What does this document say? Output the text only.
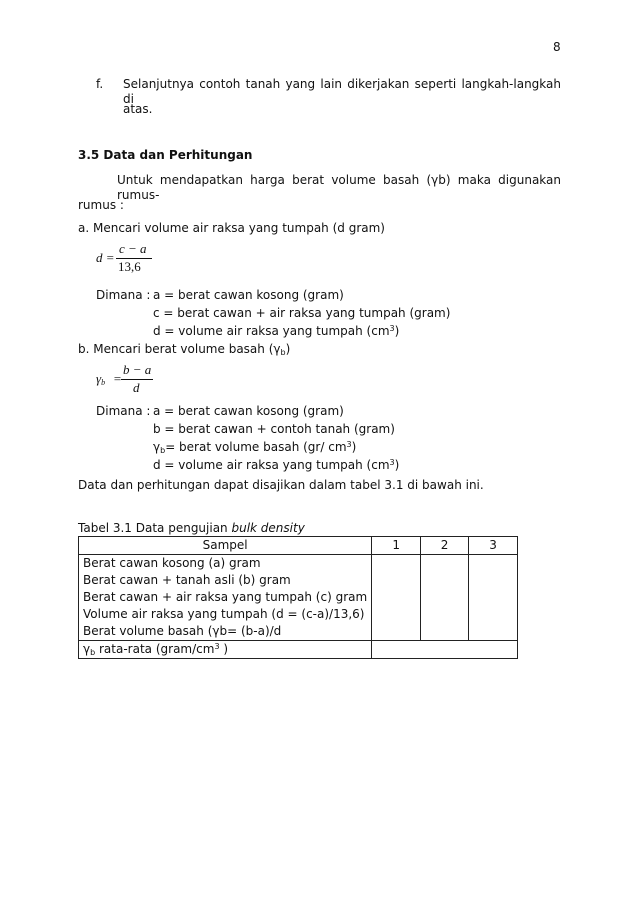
8
f. Selanjutnya contoh tanah yang lain dikerjakan seperti langkah-langkah di
atas.
3.5 Data dan Perhitungan
Untuk mendapatkan harga berat volume basah (γb) maka digunakan rumus-
rumus :
a. Mencari volume air raksa yang tumpah (d gram)
d =
c − a
13,6
Dimana : a = berat cawan kosong (gram)
c = berat cawan + air raksa yang tumpah (gram)
d = volume air raksa yang tumpah $(cm^3)$
b. Mencari berat volume basah $(\gamma_b)$
$\gamma_b$ =
b − a
d
Dimana : a = berat cawan kosong (gram)
b = berat cawan + contoh tanah (gram)
$\gamma_b=$ berat volume basah (gr/ $cm^3$)
d = volume air raksa yang tumpah $(cm^3)$
Data dan perhitungan dapat disajikan dalam tabel 3.1 di bawah ini.
Tabel 3.1 Data pengujian bulk density
Sampel	1	2	3

Berat cawan kosong (a) gram
Berat cawan + tanah asli (b) gram
Berat cawan + air raksa yang tumpah (c) gram
Volume air raksa yang tumpah (d = (c-a)/13,6)
Berat volume basah (γb= (b-a)/d			

$\gamma_b$ rata-rata ($gram/cm^3$ )			
